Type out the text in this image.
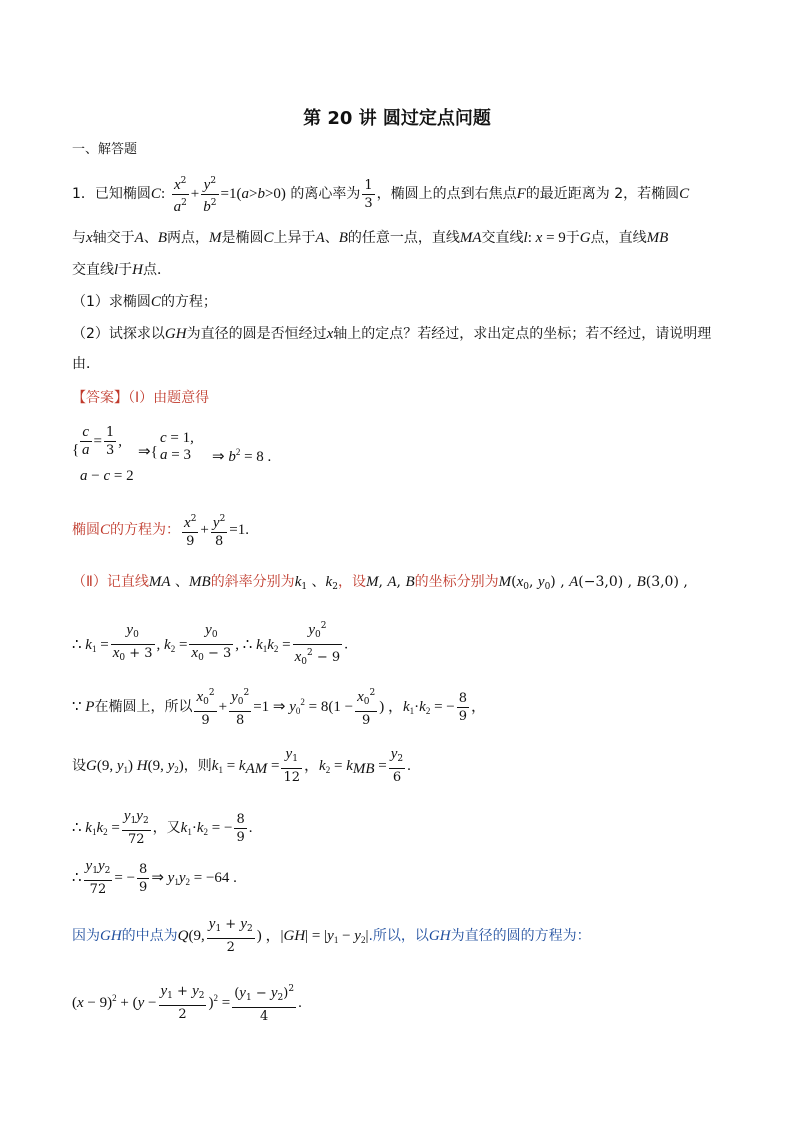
第 20 讲 圆过定点问题
一、解答题
1．已知椭圆C: $\frac{x^2}{a^2} + \frac{y^2}{b^2} =1(a>b>0)$ 的离心率为 $\frac{1}{3}$ ，椭圆上的点到右焦点F的最近距离为 2，若椭圆C
与x轴交于A、B两点，M是椭圆C上异于A、B的任意一点，直线MA交直线l: x = 9于G点，直线MB
交直线l于H点．
（1）求椭圆C的方程；
（2）试探求以GH为直径的圆是否恒经过x轴上的定点？若经过，求出定点的坐标；若不经过，请说明理
由．
【答案】（Ⅰ）由题意得
$\frac{c}{a} = \frac{1}{3}$ ,
{
a − c = 2
⇒{
c = 1,
a = 3 ⇒ $b^2 = 8$ .
椭圆C的方程为： $\frac{x^2}{9} + \frac{y^2}{8} =1$.
（Ⅱ）记直线MA 、MB的斜率分别为$k_1$ 、$k_2$，设M, A, B的坐标分别为$M(x_0$, $y_0$) , A(−3,0) , B(3,0) ,
∴ $k_1 = \frac{y_0}{x_0 + 3}$ , $k_2 = \frac{y_0}{x_0 - 3}$ , ∴ $k_1k_2 = \frac{y_0^2}{x_0^2 - 9}$ .
∵ P在椭圆上，所以 $\frac{x_0^2}{9} + \frac{y_0^2}{8} =1$ ⇒ $y_0^2 = 8(1 - \frac{x_0^2}{9}$ ) ，$k_1\cdot k_2$ = − $\frac{8}{9}$ ，
设G(9, $y_1$) H(9, $y_2$)，则$k_1 = k_{AM} = \frac{y_1}{12}$ ，$k_2 = k_{MB} = \frac{y_2}{6}$ .
∴ $k_1k_2 = \frac{y_1y_2}{72}$ ，又$k_1\cdot k_2$ = − $\frac{8}{9}$ .
∴ $\frac{y_1y_2}{72}$ = − $\frac{8}{9}$ ⇒ $y_1y_2 = -64$ .
因为GH的中点为Q(9, $\frac{y_1 + y_2}{2}$ ) ，$|GH| = |y_1 - y_2|$.所以，以GH为直径的圆的方程为：
$(x - 9)^2 + (y - \frac{y_1 + y_2}{2} )^2 = \frac{(y_1 - y_2)^2}{4}$ .
